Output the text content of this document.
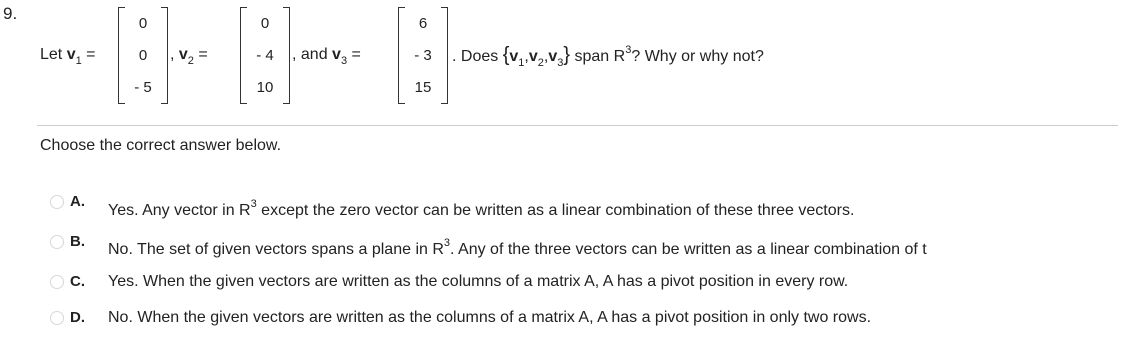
9.
Let $v_1$ =
0
0
- 5
, $v_2$ =
0
- 4
10
, and $v_3$ =
6
- 3
15
. Does $\{v_1,v_2,v_3\}$ span $R^3$? Why or why not?
Choose the correct answer below.
A.
Yes. Any vector in $R^3$ except the zero vector can be written as a linear combination of these three vectors.
B. No. The set of given vectors spans a plane in $R^3$. Any of the three vectors can be written as a linear combination of t
C. Yes. When the given vectors are written as the columns of a matrix A, A has a pivot position in every row.
D. No. When the given vectors are written as the columns of a matrix A, A has a pivot position in only two rows.
